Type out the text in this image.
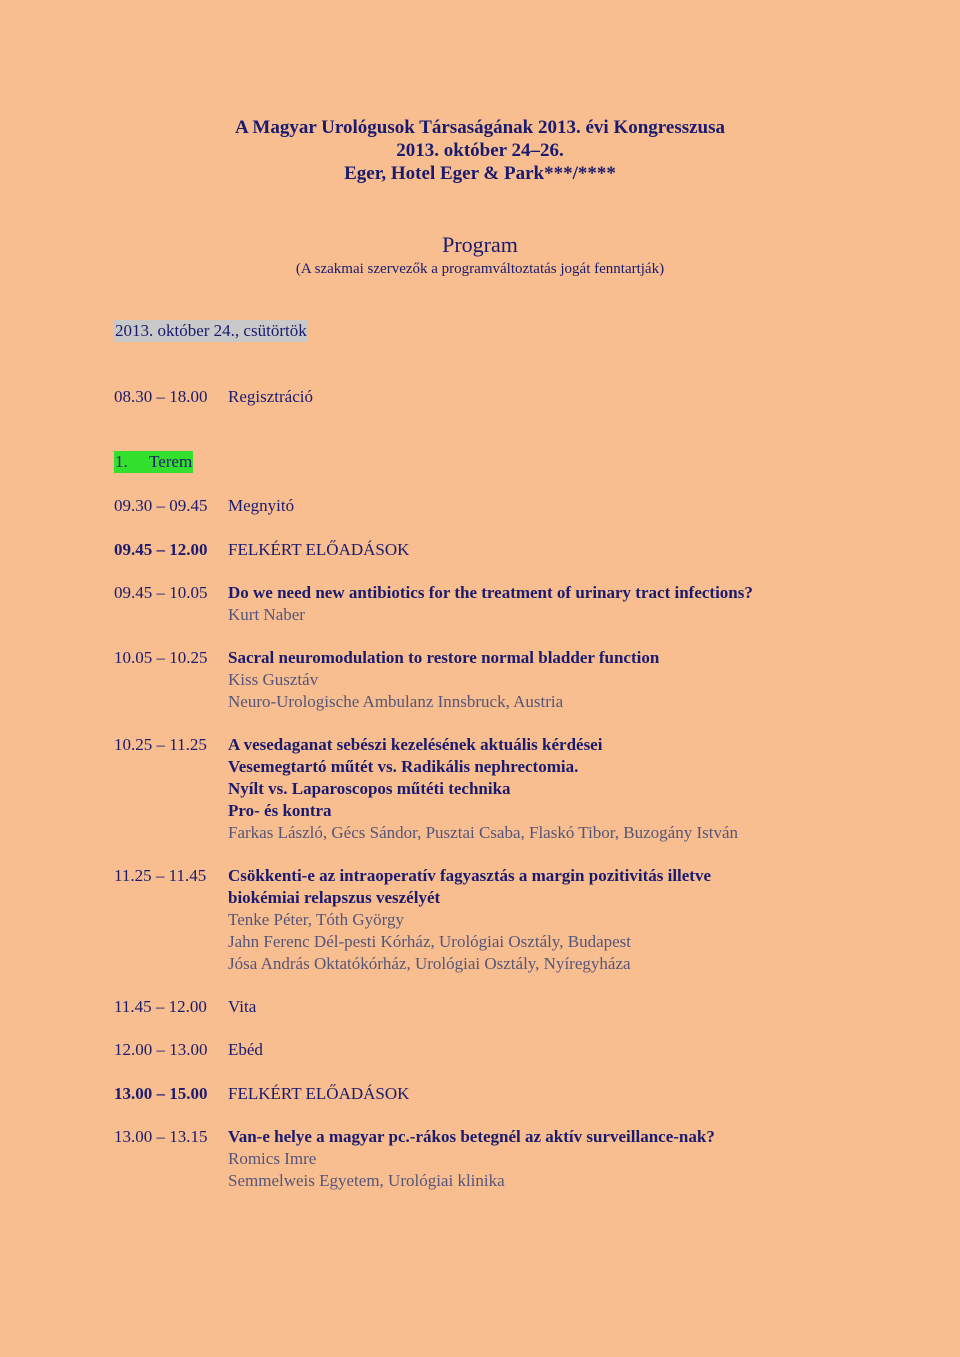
A Magyar Urológusok Társaságának 2013. évi Kongresszusa
2013. október 24–26.
Eger, Hotel Eger & Park***/****
Program
(A szakmai szervezők a programváltoztatás jogát fenntartják)
2013. október 24., csütörtök
08.30 – 18.00	Regisztráció
1. Terem
09.30 – 09.45	Megnyitó
09.45 – 12.00	FELKÉRT ELŐADÁSOK
09.45 – 10.05	Do we need new antibiotics for the treatment of urinary tract infections?
Kurt Naber
10.05 – 10.25	Sacral neuromodulation to restore normal bladder function
Kiss Gusztáv
Neuro-Urologische Ambulanz Innsbruck, Austria
10.25 – 11.25	A vesedaganat sebészi kezelésének aktuális kérdései
Vesemegtartó műtét vs. Radikális nephrectomia.
Nyílt vs. Laparoscopos műtéti technika
Pro- és kontra
Farkas László, Gécs Sándor, Pusztai Csaba, Flaskó Tibor, Buzogány István
11.25 – 11.45	Csökkenti-e az intraoperatív fagyasztás a margin pozitivitás illetve
biokémiai relapszus veszélyét
Tenke Péter, Tóth György
Jahn Ferenc Dél-pesti Kórház, Urológiai Osztály, Budapest
Jósa András Oktatókórház, Urológiai Osztály, Nyíregyháza
11.45 – 12.00	Vita
12.00 – 13.00	Ebéd
13.00 – 15.00	FELKÉRT ELŐADÁSOK
13.00 – 13.15	Van-e helye a magyar pc.-rákos betegnél az aktív surveillance-nak?
Romics Imre
Semmelweis Egyetem, Urológiai klinika
